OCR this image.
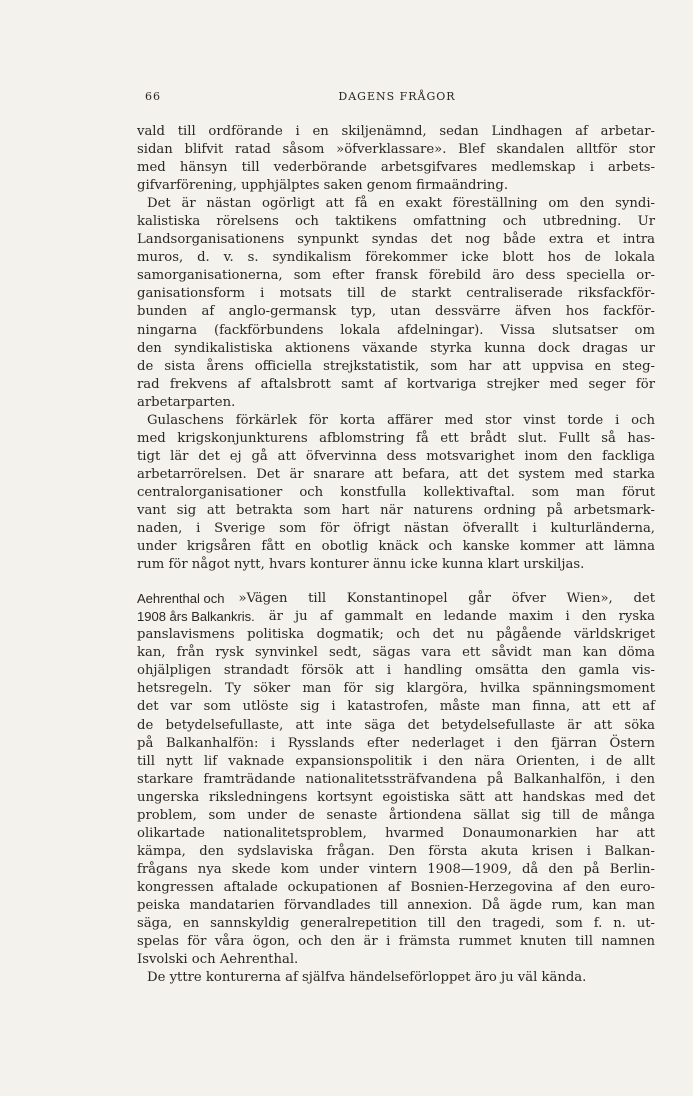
66	DAGENS FRÅGOR
vald till ordförande i en skiljenämnd, sedan Lindhagen af arbetar-
sidan blifvit ratad såsom »öfverklassare». Blef skandalen alltför stor
med hänsyn till vederbörande arbetsgifvares medlemskap i arbets-
gifvarförening, upphjälptes saken genom firmaändring.
Det är nästan ogörligt att få en exakt föreställning om den syndi-
kalistiska rörelsens och taktikens omfattning och utbredning. Ur
Landsorganisationens synpunkt syndas det nog både extra et intra
muros, d. v. s. syndikalism förekommer icke blott hos de lokala
samorganisationerna, som efter fransk förebild äro dess speciella or-
ganisationsform i motsats till de starkt centraliserade riksfackför-
bunden af anglo-germansk typ, utan dessvärre äfven hos fackför-
ningarna (fackförbundens lokala afdelningar). Vissa slutsatser om
den syndikalistiska aktionens växande styrka kunna dock dragas ur
de sista årens officiella strejkstatistik, som har att uppvisa en steg-
rad frekvens af aftalsbrott samt af kortvariga strejker med seger för
arbetarparten.
Gulaschens förkärlek för korta affärer med stor vinst torde i och
med krigskonjunkturens afblomstring få ett brådt slut. Fullt så has-
tigt lär det ej gå att öfvervinna dess motsvarighet inom den fackliga
arbetarrörelsen. Det är snarare att befara, att det system med starka
centralorganisationer och konstfulla kollektivaftal. som man förut
vant sig att betrakta som hart när naturens ordning på arbetsmark-
naden, i Sverige som för öfrigt nästan öfverallt i kulturländerna,
under krigsåren fått en obotlig knäck och kanske kommer att lämna
rum för något nytt, hvars konturer ännu icke kunna klart urskiljas.
Aehrenthal och »Vägen till Konstantinopel går öfver Wien», det
1908 års Balkankris. är ju af gammalt en ledande maxim i den ryska
panslavismens politiska dogmatik; och det nu pågående världskriget
kan, från rysk synvinkel sedt, sägas vara ett såvidt man kan döma
ohjälpligen strandadt försök att i handling omsätta den gamla vis-
hetsregeln. Ty söker man för sig klargöra, hvilka spänningsmoment
det var som utlöste sig i katastrofen, måste man finna, att ett af
de betydelsefullaste, att inte säga det betydelsefullaste är att söka
på Balkanhalfön: i Rysslands efter nederlaget i den fjärran Östern
till nytt lif vaknade expansionspolitik i den nära Orienten, i de allt
starkare framträdande nationalitetssträfvandena på Balkanhalfön, i den
ungerska riksledningens kortsynt egoistiska sätt att handskas med det
problem, som under de senaste årtiondena sällat sig till de många
olikartade nationalitetsproblem, hvarmed Donaumonarkien har att
kämpa, den sydslaviska frågan. Den första akuta krisen i Balkan-
frågans nya skede kom under vintern 1908—1909, då den på Berlin-
kongressen aftalade ockupationen af Bosnien-Herzegovina af den euro-
peiska mandatarien förvandlades till annexion. Då ägde rum, kan man
säga, en sannskyldig generalrepetition till den tragedi, som f. n. ut-
spelas för våra ögon, och den är i främsta rummet knuten till namnen
Isvolski och Aehrenthal.
De yttre konturerna af själfva händelseförloppet äro ju väl kända.
